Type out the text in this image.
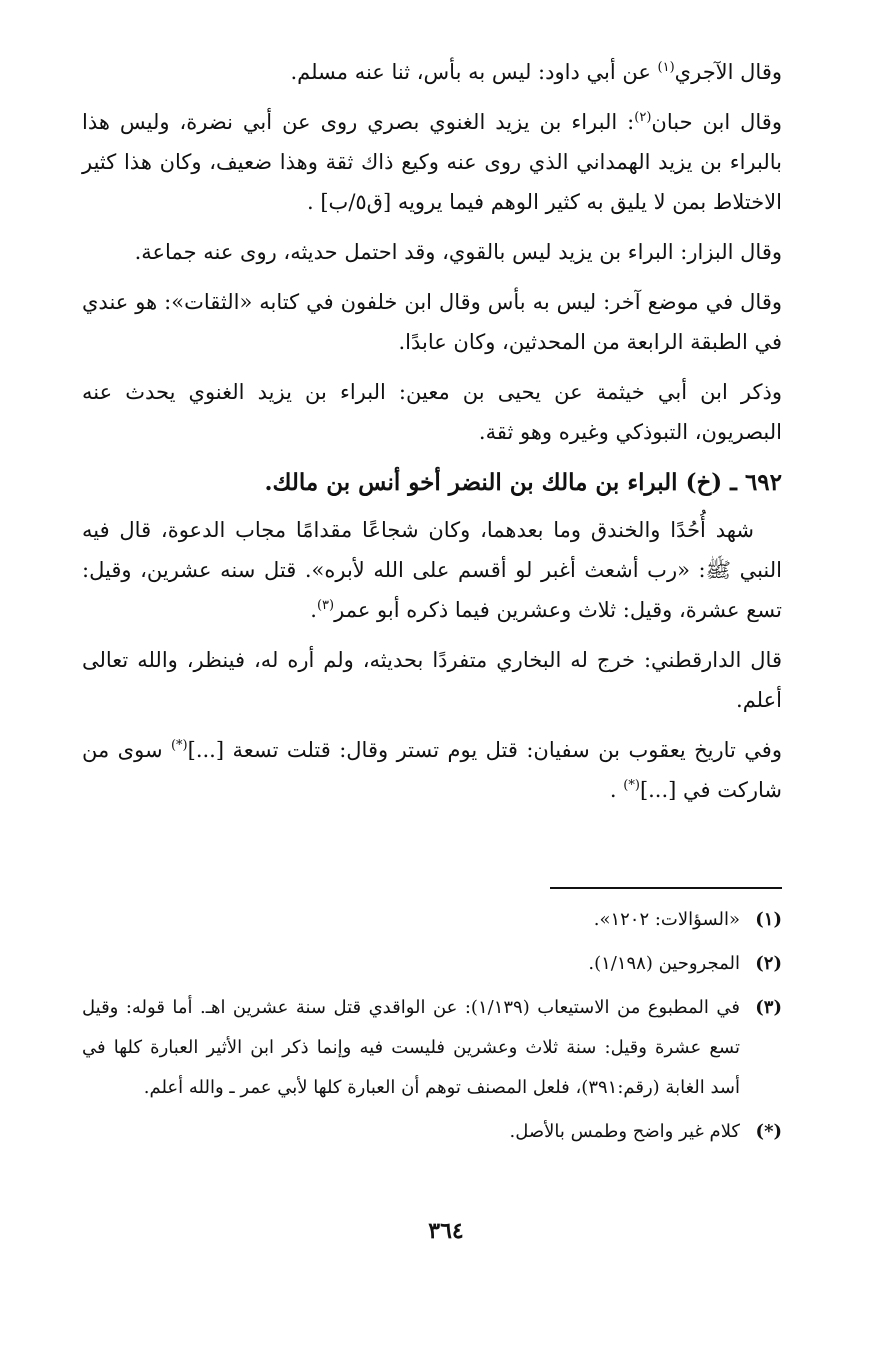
وقال الآجري$^{(١)}$ عن أبي داود: ليس به بأس، ثنا عنه مسلم.

وقال ابن حبان$^{(٢)}$: البراء بن يزيد الغنوي بصري روى عن أبي نضرة، وليس هذا بالبراء بن يزيد الهمداني الذي روى عنه وكيع ذاك ثقة وهذا ضعيف، وكان هذا كثير الاختلاط بمن لا يليق به كثير الوهم فيما يرويه [ق٥/ب] .

وقال البزار: البراء بن يزيد ليس بالقوي، وقد احتمل حديثه، روى عنه جماعة.

وقال في موضع آخر: ليس به بأس وقال ابن خلفون في كتابه «الثقات»: هو عندي في الطبقة الرابعة من المحدثين، وكان عابدًا.

وذكر ابن أبي خيثمة عن يحيى بن معين: البراء بن يزيد الغنوي يحدث عنه البصريون، التبوذكي وغيره وهو ثقة.

٦٩٢ ـ (خ) البراء بن مالك بن النضر أخو أنس بن مالك.

شهد أُحُدًا والخندق وما بعدهما، وكان شجاعًا مقدامًا مجاب الدعوة، قال فيه النبي ﷺ: «رب أشعث أغبر لو أقسم على الله لأبره». قتل سنه عشرين، وقيل: تسع عشرة، وقيل: ثلاث وعشرين فيما ذكره أبو عمر$^{(٣)}$.

قال الدارقطني: خرج له البخاري متفردًا بحديثه، ولم أره له، فينظر، والله تعالى أعلم.

وفي تاريخ يعقوب بن سفيان: قتل يوم تستر وقال: قتلت تسعة [...](*) سوى من شاركت في [...](*) .

(١)
«السؤالات: ١٢٠٢».
(٢)
المجروحين (١/١٩٨).
(٣)
في المطبوع من الاستيعاب (١/١٣٩): عن الواقدي قتل سنة عشرين اهـ. أما قوله: وقيل تسع عشرة وقيل: سنة ثلاث وعشرين فليست فيه وإنما ذكر ابن الأثير العبارة كلها في أسد الغابة (رقم:٣٩١)، فلعل المصنف توهم أن العبارة كلها لأبي عمر ـ والله أعلم.
(*)
كلام غير واضح وطمس بالأصل.
٣٦٤
